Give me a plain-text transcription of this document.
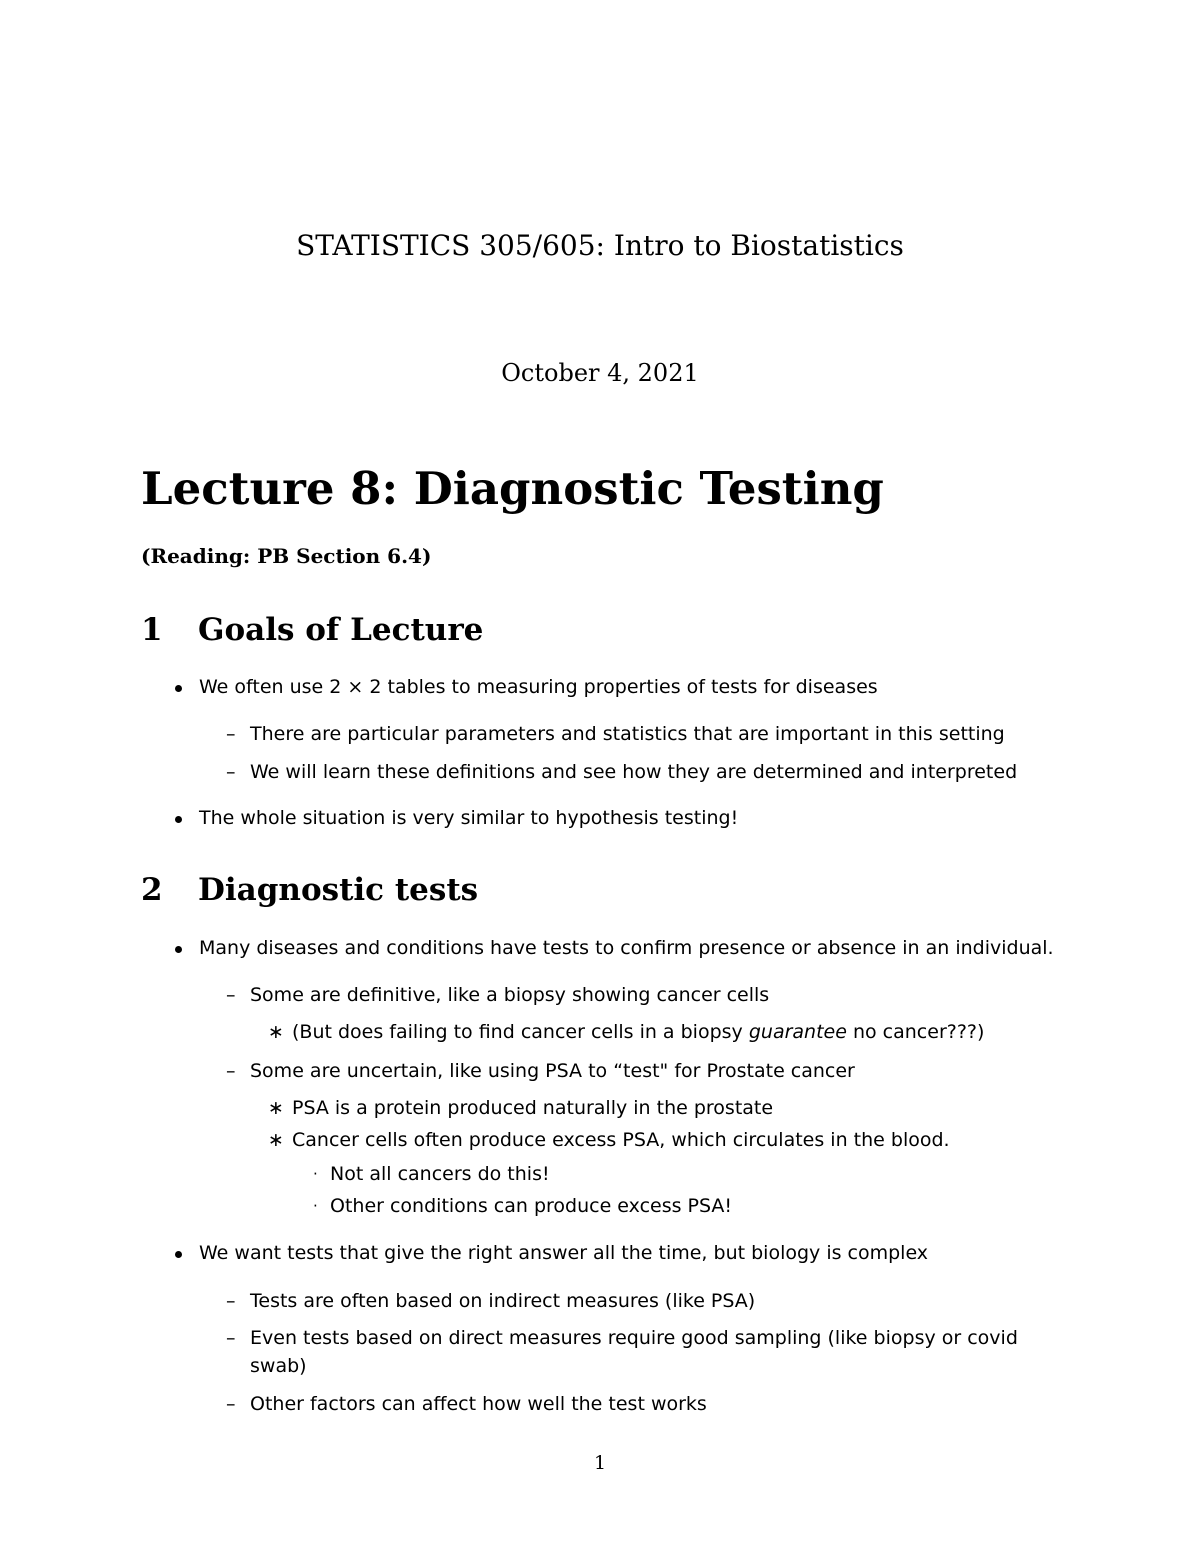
STATISTICS 305/605: Intro to Biostatistics
October 4, 2021
Lecture 8: Diagnostic Testing
(Reading: PB Section 6.4)
1 Goals of Lecture
We often use 2 × 2 tables to measuring properties of tests for diseases
– There are particular parameters and statistics that are important in this setting
– We will learn these definitions and see how they are determined and interpreted
The whole situation is very similar to hypothesis testing!
2 Diagnostic tests
Many diseases and conditions have tests to confirm presence or absence in an individual.
– Some are definitive, like a biopsy showing cancer cells
∗ (But does failing to find cancer cells in a biopsy guarantee no cancer???)
– Some are uncertain, like using PSA to “test" for Prostate cancer
∗ PSA is a protein produced naturally in the prostate
∗ Cancer cells often produce excess PSA, which circulates in the blood.
· Not all cancers do this!
· Other conditions can produce excess PSA!
We want tests that give the right answer all the time, but biology is complex
– Tests are often based on indirect measures (like PSA)
– Even tests based on direct measures require good sampling (like biopsy or covid
swab)
– Other factors can affect how well the test works
1
